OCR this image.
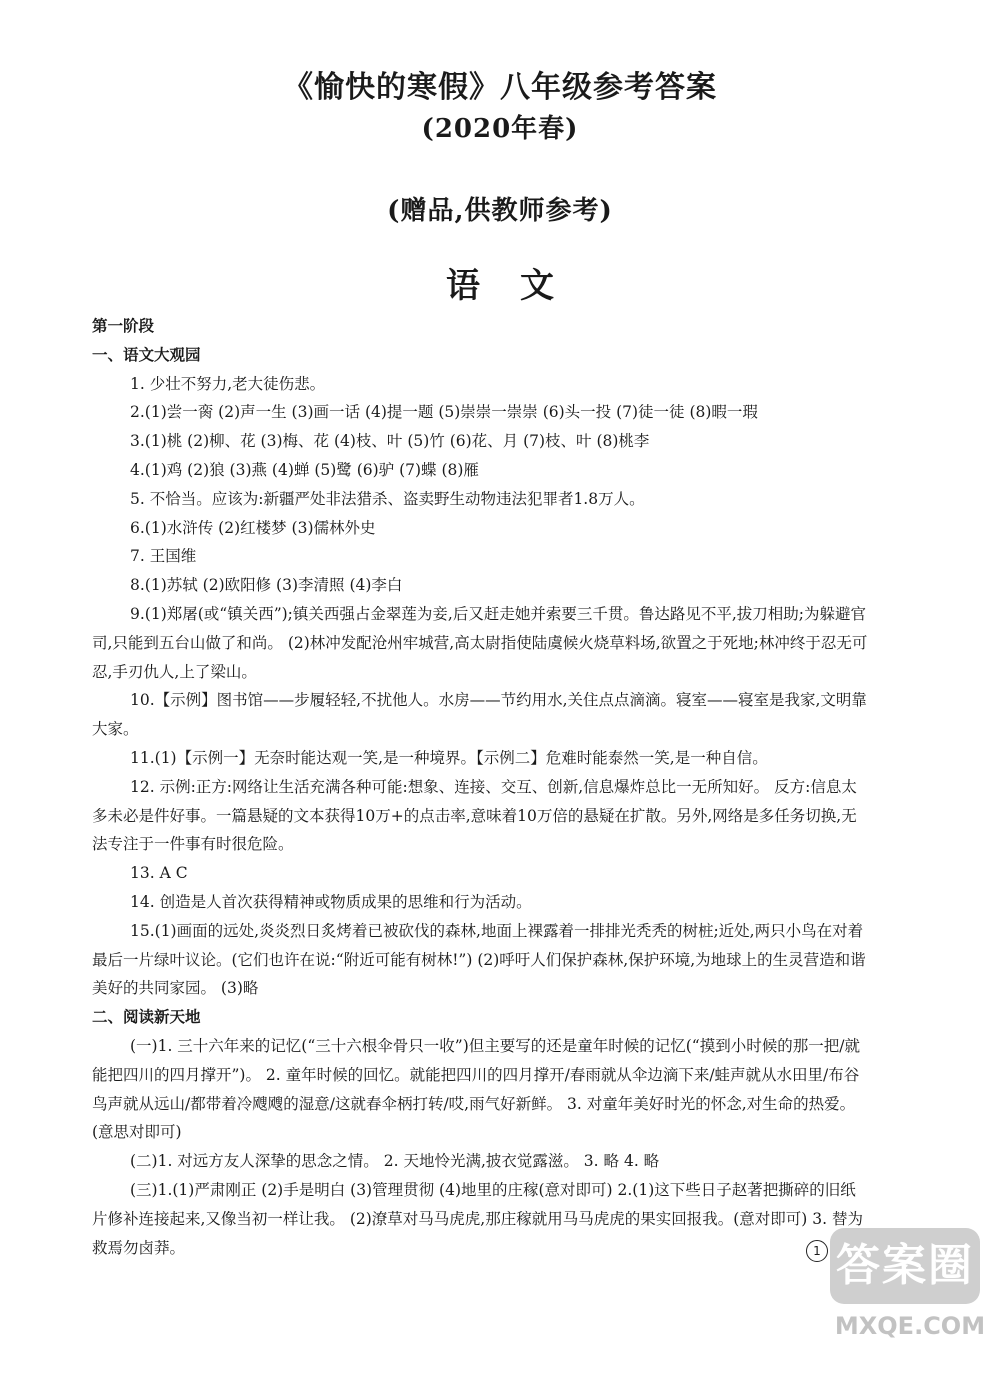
《愉快的寒假》八年级参考答案
(2020年春)
(赠品,供教师参考)
语文

第一阶段

一、语文大观园

1. 少壮不努力,老大徒伤悲。

2.(1)尝一脔 (2)声一生 (3)画一话 (4)提一题 (5)崇崇一崇崇 (6)头一投 (7)徒一徒 (8)暇一瑕

3.(1)桃 (2)柳、花 (3)梅、花 (4)枝、叶 (5)竹 (6)花、月 (7)枝、叶 (8)桃李

4.(1)鸡 (2)狼 (3)燕 (4)蝉 (5)鹭 (6)驴 (7)蝶 (8)雁

5. 不恰当。应该为:新疆严处非法猎杀、盗卖野生动物违法犯罪者1.8万人。

6.(1)水浒传 (2)红楼梦 (3)儒林外史

7. 王国维

8.(1)苏轼 (2)欧阳修 (3)李清照 (4)李白

9.(1)郑屠(或“镇关西”);镇关西强占金翠莲为妾,后又赶走她并索要三千贯。鲁达路见不平,拔刀相助;为躲避官司,只能到五台山做了和尚。 (2)林冲发配沧州牢城营,高太尉指使陆虞候火烧草料场,欲置之于死地;林冲终于忍无可忍,手刃仇人,上了梁山。

10.【示例】图书馆——步履轻轻,不扰他人。水房——节约用水,关住点点滴滴。寝室——寝室是我家,文明靠大家。

11.(1)【示例一】无奈时能达观一笑,是一种境界。【示例二】危难时能泰然一笑,是一种自信。

12. 示例:正方:网络让生活充满各种可能:想象、连接、交互、创新,信息爆炸总比一无所知好。 反方:信息太多未必是件好事。一篇悬疑的文本获得10万+的点击率,意味着10万倍的悬疑在扩散。另外,网络是多任务切换,无法专注于一件事有时很危险。

13. A C

14. 创造是人首次获得精神或物质成果的思维和行为活动。

15.(1)画面的远处,炎炎烈日炙烤着已被砍伐的森林,地面上裸露着一排排光秃秃的树桩;近处,两只小鸟在对着最后一片绿叶议论。(它们也许在说:“附近可能有树林!”) (2)呼吁人们保护森林,保护环境,为地球上的生灵营造和谐美好的共同家园。 (3)略

二、阅读新天地

(一)1. 三十六年来的记忆(“三十六根伞骨只一收”)但主要写的还是童年时候的记忆(“摸到小时候的那一把/就能把四川的四月撑开”)。 2. 童年时候的回忆。就能把四川的四月撑开/春雨就从伞边滴下来/蛙声就从水田里/布谷鸟声就从远山/都带着冷飕飕的湿意/这就春伞柄打转/哎,雨气好新鲜。 3. 对童年美好时光的怀念,对生命的热爱。(意思对即可)

(二)1. 对远方友人深挚的思念之情。 2. 天地怜光满,披衣觉露滋。 3. 略 4. 略

(三)1.(1)严肃刚正 (2)手是明白 (3)管理贯彻 (4)地里的庄稼(意对即可) 2.(1)这下些日子赵著把撕碎的旧纸片修补连接起来,又像当初一样让我。 (2)潦草对马马虎虎,那庄稼就用马马虎虎的果实回报我。(意对即可) 3. 替为救焉勿卤莽。	1 答案圈
MXQE.COM
